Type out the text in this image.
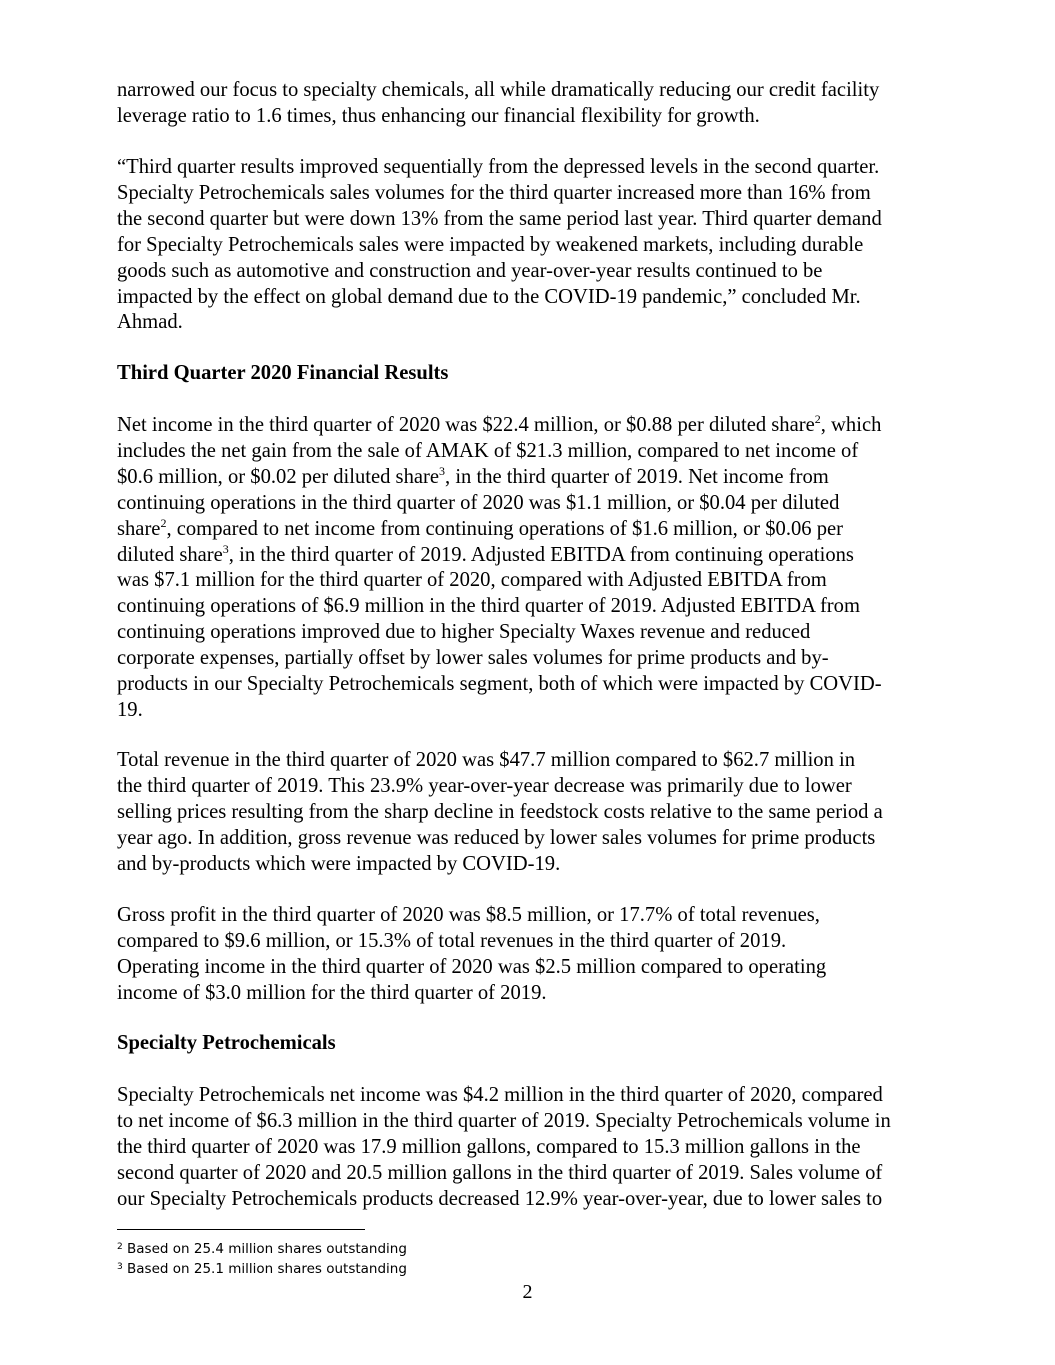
narrowed our focus to specialty chemicals, all while dramatically reducing our credit facility
leverage ratio to 1.6 times, thus enhancing our financial flexibility for growth.
“Third quarter results improved sequentially from the depressed levels in the second quarter.
Specialty Petrochemicals sales volumes for the third quarter increased more than 16% from
the second quarter but were down 13% from the same period last year. Third quarter demand
for Specialty Petrochemicals sales were impacted by weakened markets, including durable
goods such as automotive and construction and year-over-year results continued to be
impacted by the effect on global demand due to the COVID-19 pandemic,” concluded Mr.
Ahmad.
Third Quarter 2020 Financial Results
Net income in the third quarter of 2020 was $22.4 million, or $0.88 per diluted share$^2$, which
includes the net gain from the sale of AMAK of $21.3 million, compared to net income of
$0.6 million, or $0.02 per diluted share$^3$, in the third quarter of 2019. Net income from
continuing operations in the third quarter of 2020 was $1.1 million, or $0.04 per diluted
share$^2$, compared to net income from continuing operations of $1.6 million, or $0.06 per
diluted share$^3$, in the third quarter of 2019. Adjusted EBITDA from continuing operations
was $7.1 million for the third quarter of 2020, compared with Adjusted EBITDA from
continuing operations of $6.9 million in the third quarter of 2019. Adjusted EBITDA from
continuing operations improved due to higher Specialty Waxes revenue and reduced
corporate expenses, partially offset by lower sales volumes for prime products and by-
products in our Specialty Petrochemicals segment, both of which were impacted by COVID-
19.
Total revenue in the third quarter of 2020 was $47.7 million compared to $62.7 million in
the third quarter of 2019. This 23.9% year-over-year decrease was primarily due to lower
selling prices resulting from the sharp decline in feedstock costs relative to the same period a
year ago. In addition, gross revenue was reduced by lower sales volumes for prime products
and by-products which were impacted by COVID-19.
Gross profit in the third quarter of 2020 was $8.5 million, or 17.7% of total revenues,
compared to $9.6 million, or 15.3% of total revenues in the third quarter of 2019.
Operating income in the third quarter of 2020 was $2.5 million compared to operating
income of $3.0 million for the third quarter of 2019.
Specialty Petrochemicals
Specialty Petrochemicals net income was $4.2 million in the third quarter of 2020, compared
to net income of $6.3 million in the third quarter of 2019. Specialty Petrochemicals volume in
the third quarter of 2020 was 17.9 million gallons, compared to 15.3 million gallons in the
second quarter of 2020 and 20.5 million gallons in the third quarter of 2019. Sales volume of
our Specialty Petrochemicals products decreased 12.9% year-over-year, due to lower sales to
$^2$ Based on 25.4 million shares outstanding
$^3$ Based on 25.1 million shares outstanding
2
